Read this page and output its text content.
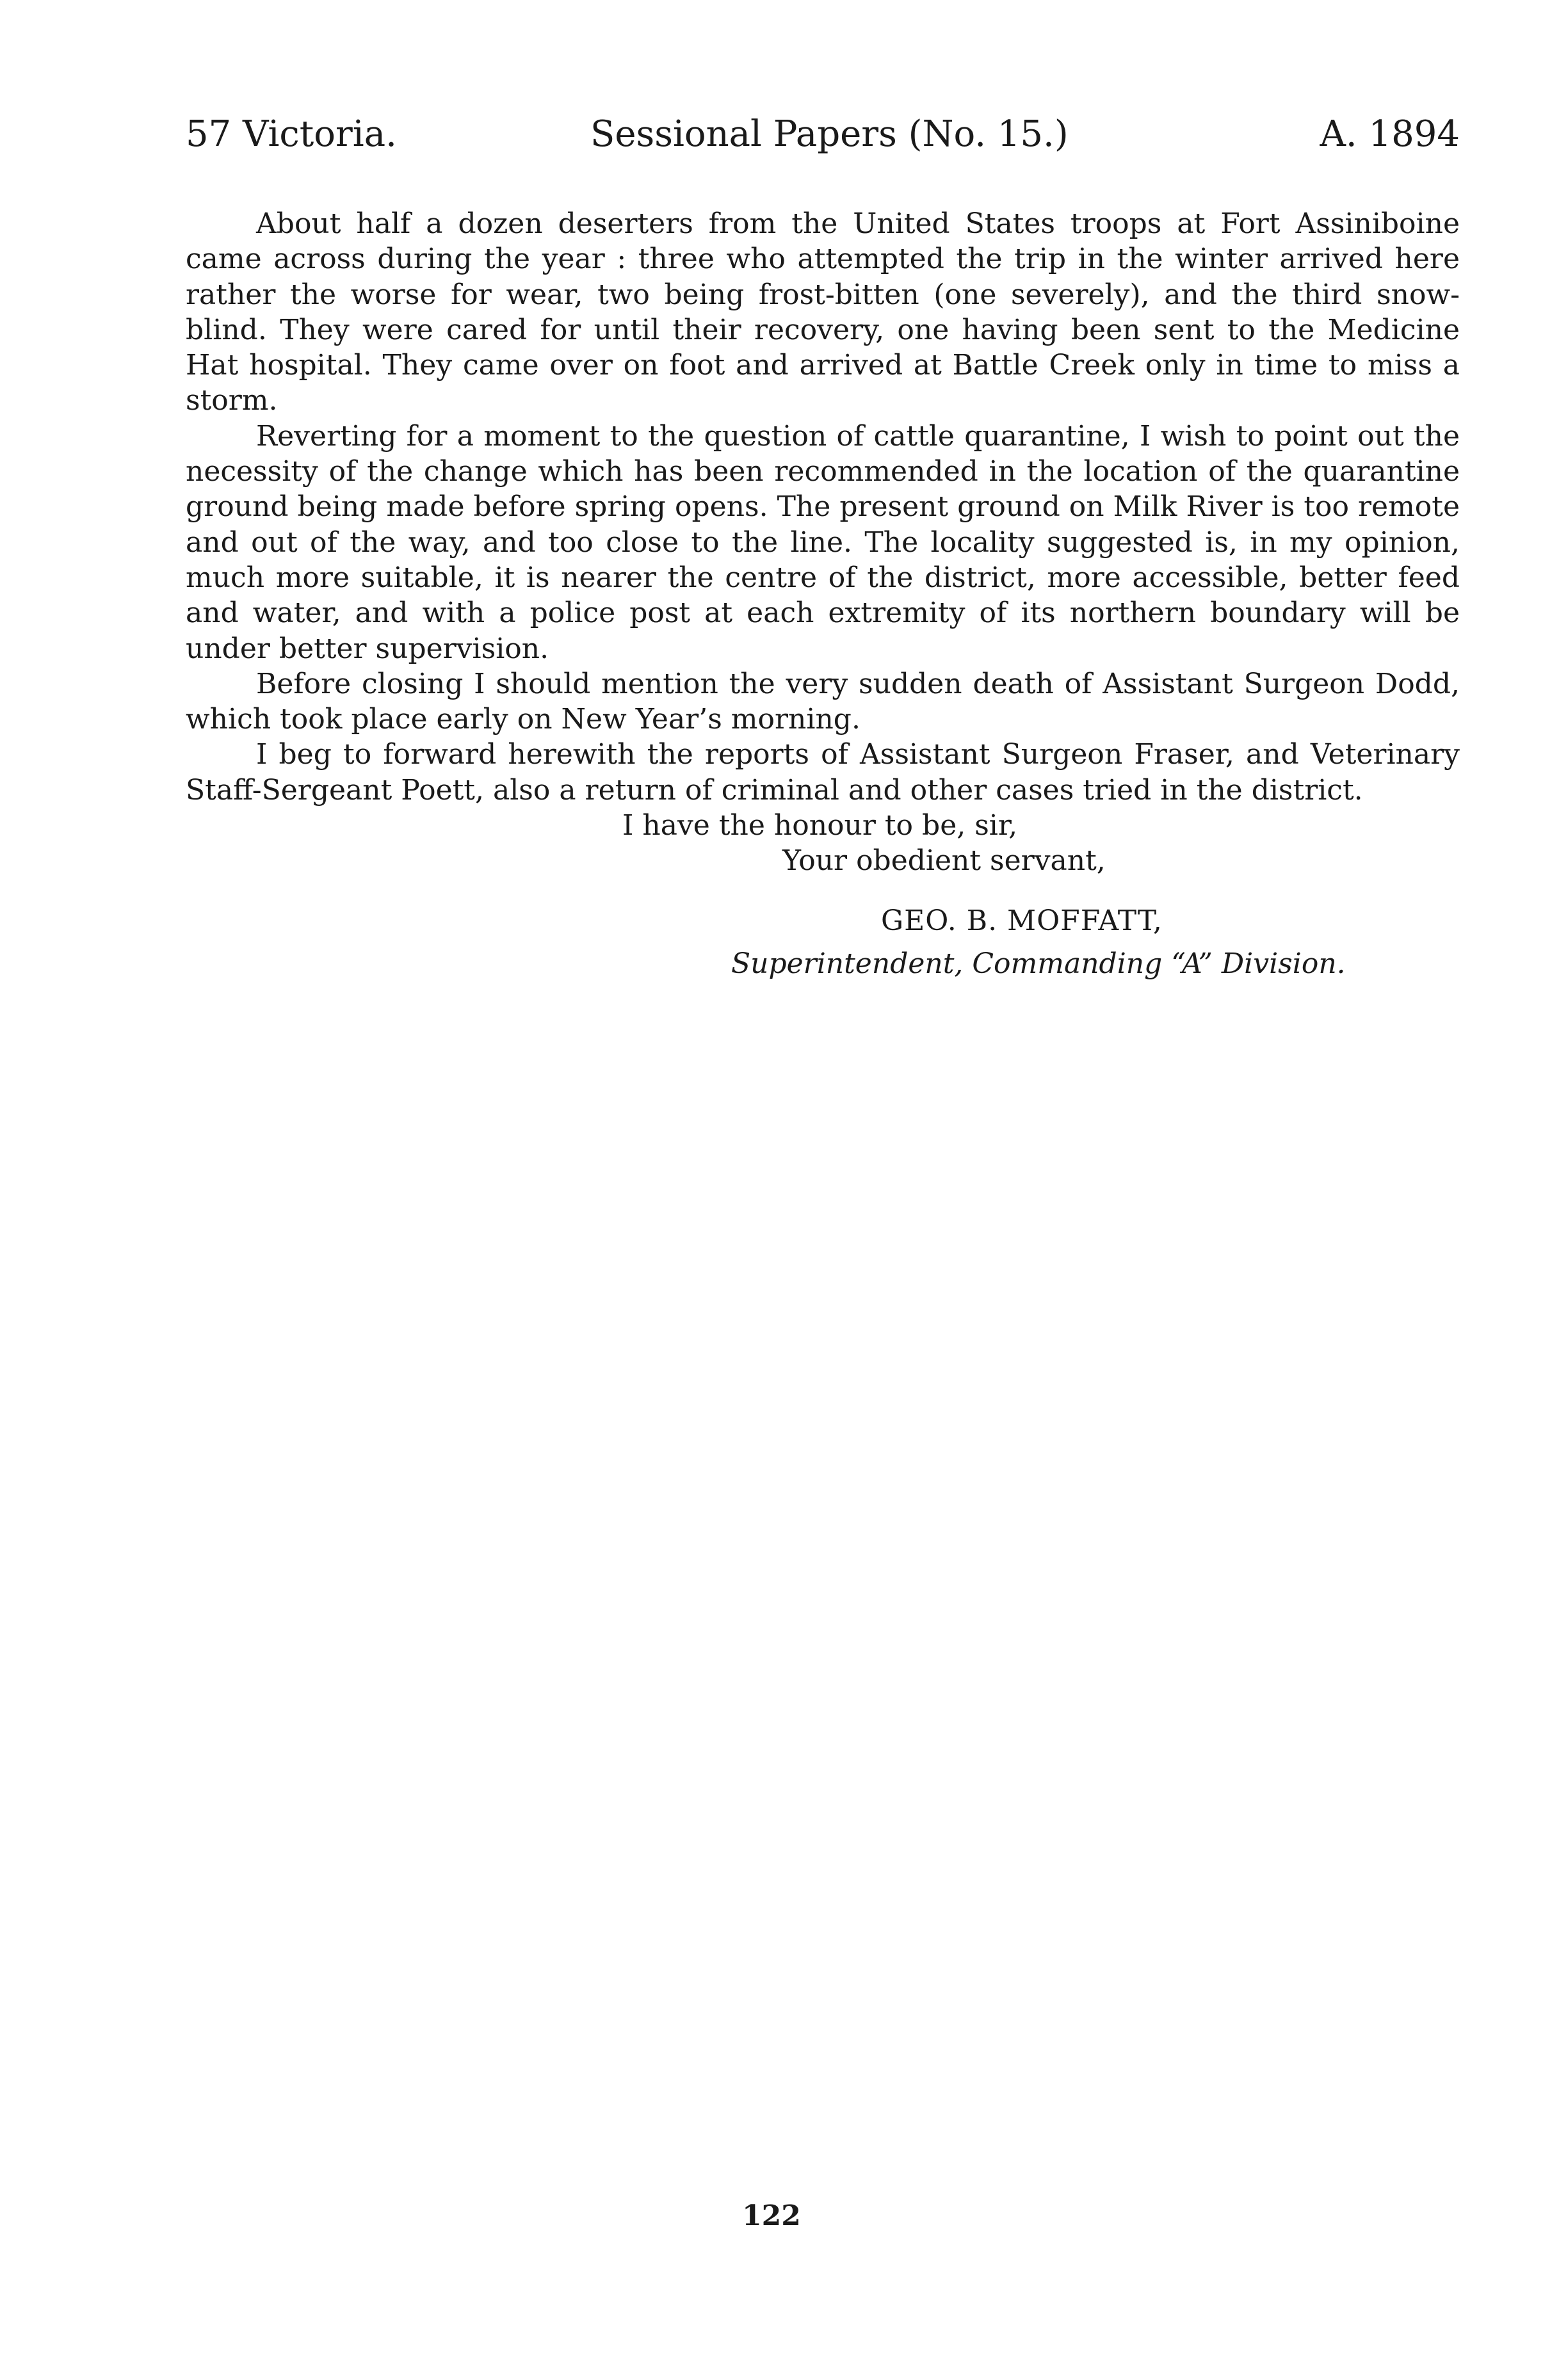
57 Victoria.	Sessional Papers (No. 15.)	A. 1894

About half a dozen deserters from the United States troops at Fort Assiniboine came across during the year : three who attempted the trip in the winter arrived here rather the worse for wear, two being frost-bitten (one severely), and the third snow-blind. They were cared for until their recovery, one having been sent to the Medicine Hat hospital. They came over on foot and arrived at Battle Creek only in time to miss a storm.

Reverting for a moment to the question of cattle quarantine, I wish to point out the necessity of the change which has been recommended in the location of the quarantine ground being made before spring opens. The present ground on Milk River is too remote and out of the way, and too close to the line. The locality suggested is, in my opinion, much more suitable, it is nearer the centre of the district, more accessible, better feed and water, and with a police post at each extremity of its northern boundary will be under better supervision.

Before closing I should mention the very sudden death of Assistant Surgeon Dodd, which took place early on New Year’s morning.

I beg to forward herewith the reports of Assistant Surgeon Fraser, and Veterinary Staff-Sergeant Poett, also a return of criminal and other cases tried in the district.

I have the honour to be, sir,
Your obedient servant,
GEO. B. MOFFATT,
Superintendent, Commanding “A” Division.
122
